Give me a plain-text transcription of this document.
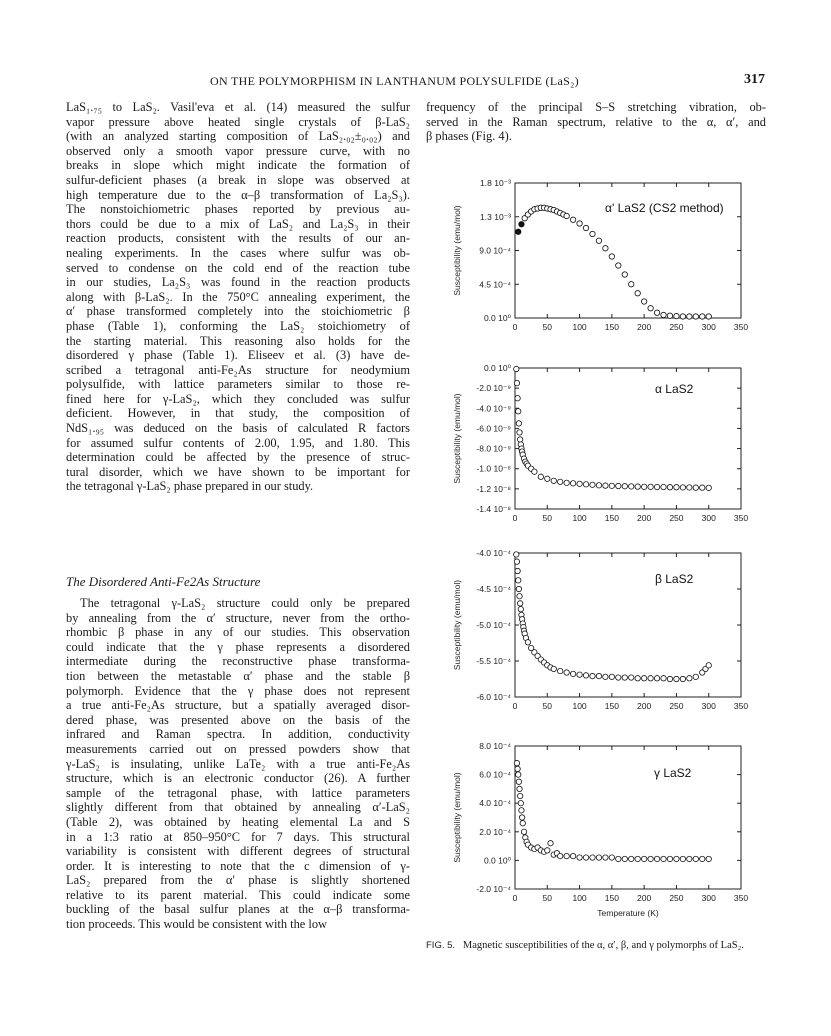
ON THE POLYMORPHISM IN LANTHANUM POLYSULFIDE (LaS₂)	317
LaS₁.₇₅ to LaS₂. Vasil'eva et al. (14) measured the sulfur
vapor pressure above heated single crystals of β-LaS₂
(with an analyzed starting composition of LaS₂.₀₂±₀.₀₂) and
observed only a smooth vapor pressure curve, with no
breaks in slope which might indicate the formation of
sulfur-deficient phases (a break in slope was observed at
high temperature due to the α–β transformation of La₂S₃).
The nonstoichiometric phases reported by previous au-
thors could be due to a mix of LaS₂ and La₂S₃ in their
reaction products, consistent with the results of our an-
nealing experiments. In the cases where sulfur was ob-
served to condense on the cold end of the reaction tube
in our studies, La₂S₃ was found in the reaction products
along with β-LaS₂. In the 750°C annealing experiment, the
α′ phase transformed completely into the stoichiometric β
phase (Table 1), conforming the LaS₂ stoichiometry of
the starting material. This reasoning also holds for the
disordered γ phase (Table 1). Eliseev et al. (3) have de-
scribed a tetragonal anti-Fe₂As structure for neodymium
polysulfide, with lattice parameters similar to those re-
fined here for γ-LaS₂, which they concluded was sulfur
deficient. However, in that study, the composition of
NdS₁.₉₅ was deduced on the basis of calculated R factors
for assumed sulfur contents of 2.00, 1.95, and 1.80. This
determination could be affected by the presence of struc-
tural disorder, which we have shown to be important for
the tetragonal γ-LaS₂ phase prepared in our study.
The Disordered Anti-Fe2As Structure
The tetragonal γ-LaS₂ structure could only be prepared
by annealing from the α′ structure, never from the ortho-
rhombic β phase in any of our studies. This observation
could indicate that the γ phase represents a disordered
intermediate during the reconstructive phase transforma-
tion between the metastable α′ phase and the stable β
polymorph. Evidence that the γ phase does not represent
a true anti-Fe₂As structure, but a spatially averaged disor-
dered phase, was presented above on the basis of the
infrared and Raman spectra. In addition, conductivity
measurements carried out on pressed powders show that
γ-LaS₂ is insulating, unlike LaTe₂ with a true anti-Fe₂As
structure, which is an electronic conductor (26). A further
sample of the tetragonal phase, with lattice parameters
slightly different from that obtained by annealing α′-LaS₂
(Table 2), was obtained by heating elemental La and S
in a 1:3 ratio at 850–950°C for 7 days. This structural
variability is consistent with different degrees of structural
order. It is interesting to note that the c dimension of γ-
LaS₂ prepared from the α′ phase is slightly shortened
relative to its parent material. This could indicate some
buckling of the basal sulfur planes at the α–β transforma-
tion proceeds. This would be consistent with the low
frequency of the principal S–S stretching vibration, ob-
served in the Raman spectrum, relative to the α, α′, and
β phases (Fig. 4).
0	50 100 150 200 250 300 350
0.0 10⁰
4.5 10⁻⁴
9.0 10⁻⁴
1.3 10⁻³
1.8 10⁻³
Susceptibility (emu/mol)	α' LaS2 (CS2 method)
0	50 100 150 200 250 300 350
0.0 10⁰
-2.0 10⁻⁹
-4.0 10⁻⁹
-6.0 10⁻⁹
-8.0 10⁻⁹
-1.0 10⁻⁸
-1.2 10⁻⁸
-1.4 10⁻⁸
Susceptibility (emu/mol)
α LaS2
0	50 100 150 200 250 300 350
-4.0 10⁻⁴
-4.5 10⁻⁴
-5.0 10⁻⁴
-5.5 10⁻⁴
-6.0 10⁻⁴
Susceptibility (emu/mol)
β LaS2
0	50 100 150 200 250 300 350
8.0 10⁻⁴
6.0 10⁻⁴
4.0 10⁻⁴
2.0 10⁻⁴
0.0 10⁰
-2.0 10⁻⁴
Susceptibility (emu/mol)	γ LaS2
Temperature (K)
FIG. 5. Magnetic susceptibilities of the α, α′, β, and γ polymorphs of LaS₂.
